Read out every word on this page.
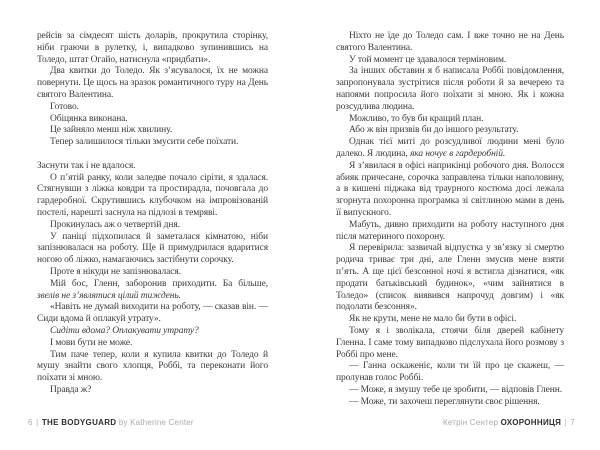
рейсів за сімдесят шість доларів, прокрутила сторінку, ніби граючи в рулетку, і, випадково зупинившись на Толедо, штат Огайо, натиснула «придбати».

Два квитки до Толедо. Як з’ясувалося, їх не можна повернути. Це щось на зразок романтичного туру на День святого Валентина.

Готово.

Обіцянка виконана.

Це зайняло менш ніж хвилину.

Тепер залишилося тільки змусити себе поїхати.

Заснути так і не вдалося.

О п’ятій ранку, коли заледве почало сіріти, я здалася. Стягнувши з ліжка ковдри та простирадла, почовгала до гардеробної. Скрутившись клубочком на імпровізованій постелі, нарешті заснула на підлозі в темряві.

Прокинулась аж о четвертій дня.

У паніці підхопилася й заметалася кімнатою, ніби запізнювалася на роботу. Ще й примудрилася вдаритися ногою об ліжко, намагаючись застібнути сорочку.

Проте я нікуди не запізнювалася.

Мій бос, Гленн, заборонив приходити. Ба більше, звелів не з’являтися цілий тиждень.

«Навіть не думай виходити на роботу, — сказав він. — Сиди вдома й оплакуй утрату».

Сидіти вдома? Оплакувати утрату?

І мови бути не може.

Тим паче тепер, коли я купила квитки до Толедо й мушу знайти свого хлопця, Роббі, та переконати його поїхати зі мною.

Правда ж?

6 | THE BODYGUARD by Katherine Center

Ніхто не їде до Толедо сам. І вже точно не на День святого Валентина.

У той момент це здавалося терміновим.

За інших обставин я б написала Роббі повідомлення, запропонувала зустрітися після роботи й за вечерею та напоями попросила його поїхати зі мною. Як і кожна розсудлива людина.

Можливо, то був би кращий план.

Або ж він призвів би до іншого результату.

Однак тієї миті до розсудливої людини мені було далеко. Я людина, яка ночує в гардеробній.

Я з’явилася в офісі наприкінці робочого дня. Волосся абияк причесане, сорочка заправлена тільки наполовину, а в кишені піджака від траурного костюма досі лежала згорнута похоронна програмка зі світлиною мами в день її випускного.

Мабуть, дивно приходити на роботу наступного дня після материного похорону.

Я перевірила: зазвичай відпустка у зв’язку зі смертю родича триває три дні, але Гленн змусив мене взяти п’ять. А ще цієї безсонної ночі я встигла дізнатися, «як продати батьківський будинок», «чим зайнятися в Толедо» (список виявився напрочуд довгим) і «як подолати безсоння».

Як не крути, мене не мало би бути в офісі.

Тому я і зволікала, стоячи біля дверей кабінету Гленна. І саме тому випадково підслухала його розмову з Роббі про мене.

— Ганна оскаженіє, коли ти їй про це скажеш, — пролунав голос Роббі.

— Може, я змушу тебе це зробити, — відповів Гленн.

— Може, ти захочеш переглянути своє рішення.

Кетрін Сентер ОХОРОННИЦЯ | 7
